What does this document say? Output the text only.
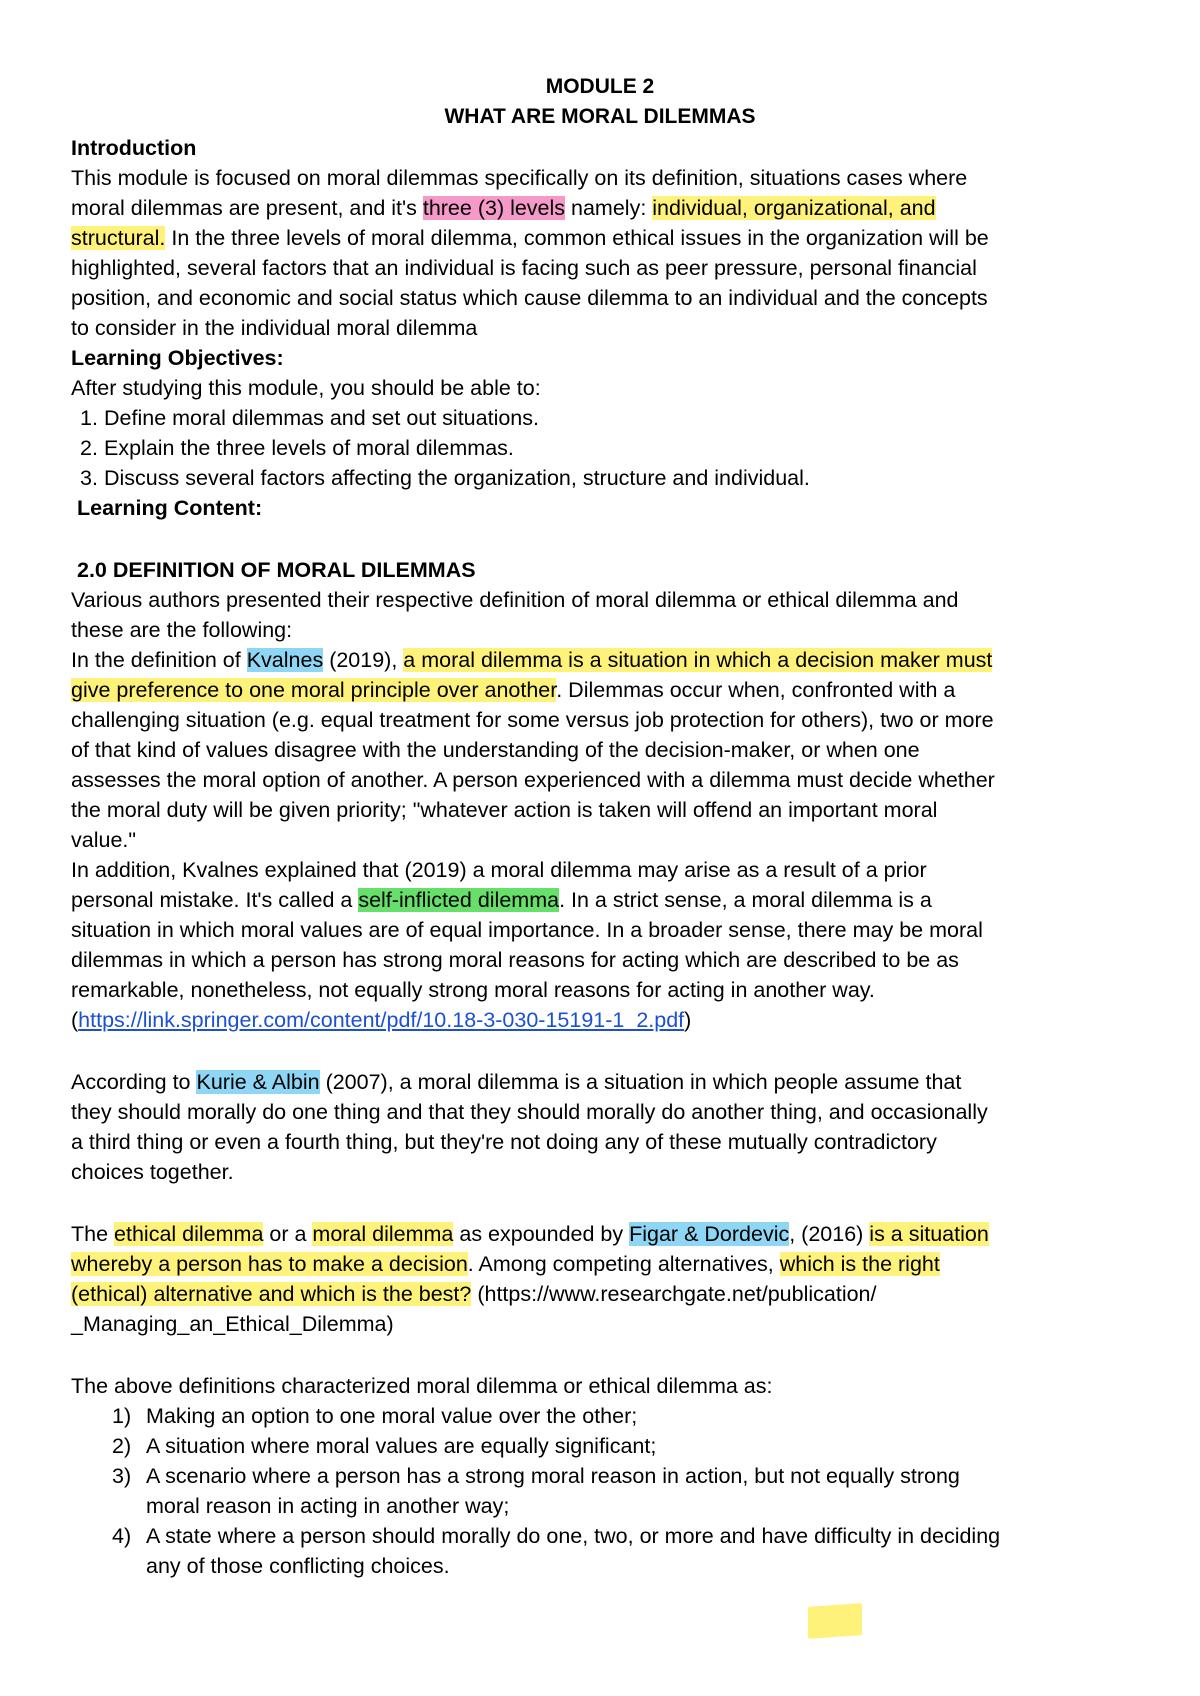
MODULE 2
WHAT ARE MORAL DILEMMAS
Introduction
This module is focused on moral dilemmas specifically on its definition, situations cases where
moral dilemmas are present, and it's three (3) levels namely: individual, organizational, and
structural. In the three levels of moral dilemma, common ethical issues in the organization will be
highlighted, several factors that an individual is facing such as peer pressure, personal financial
position, and economic and social status which cause dilemma to an individual and the concepts
to consider in the individual moral dilemma
Learning Objectives:
After studying this module, you should be able to:
1. Define moral dilemmas and set out situations.
2. Explain the three levels of moral dilemmas.
3. Discuss several factors affecting the organization, structure and individual.
Learning Content:
2.0 DEFINITION OF MORAL DILEMMAS
Various authors presented their respective definition of moral dilemma or ethical dilemma and
these are the following:
In the definition of Kvalnes (2019), a moral dilemma is a situation in which a decision maker must
give preference to one moral principle over another. Dilemmas occur when, confronted with a
challenging situation (e.g. equal treatment for some versus job protection for others), two or more
of that kind of values disagree with the understanding of the decision-maker, or when one
assesses the moral option of another. A person experienced with a dilemma must decide whether
the moral duty will be given priority; "whatever action is taken will offend an important moral
value."
In addition, Kvalnes explained that (2019) a moral dilemma may arise as a result of a prior
personal mistake. It's called a self-inflicted dilemma. In a strict sense, a moral dilemma is a
situation in which moral values are of equal importance. In a broader sense, there may be moral
dilemmas in which a person has strong moral reasons for acting which are described to be as
remarkable, nonetheless, not equally strong moral reasons for acting in another way.
(https://link.springer.com/content/pdf/10.18-3-030-15191-1_2.pdf)
According to Kurie & Albin (2007), a moral dilemma is a situation in which people assume that
they should morally do one thing and that they should morally do another thing, and occasionally
a third thing or even a fourth thing, but they're not doing any of these mutually contradictory
choices together.
The ethical dilemma or a moral dilemma as expounded by Figar & Dordevic, (2016) is a situation
whereby a person has to make a decision. Among competing alternatives, which is the right
(ethical) alternative and which is the best? (https://www.researchgate.net/publication/
_Managing_an_Ethical_Dilemma)
The above definitions characterized moral dilemma or ethical dilemma as:
1) Making an option to one moral value over the other;
2) A situation where moral values are equally significant;
3) A scenario where a person has a strong moral reason in action, but not equally strong
moral reason in acting in another way;
4) A state where a person should morally do one, two, or more and have difficulty in deciding
any of those conflicting choices.
